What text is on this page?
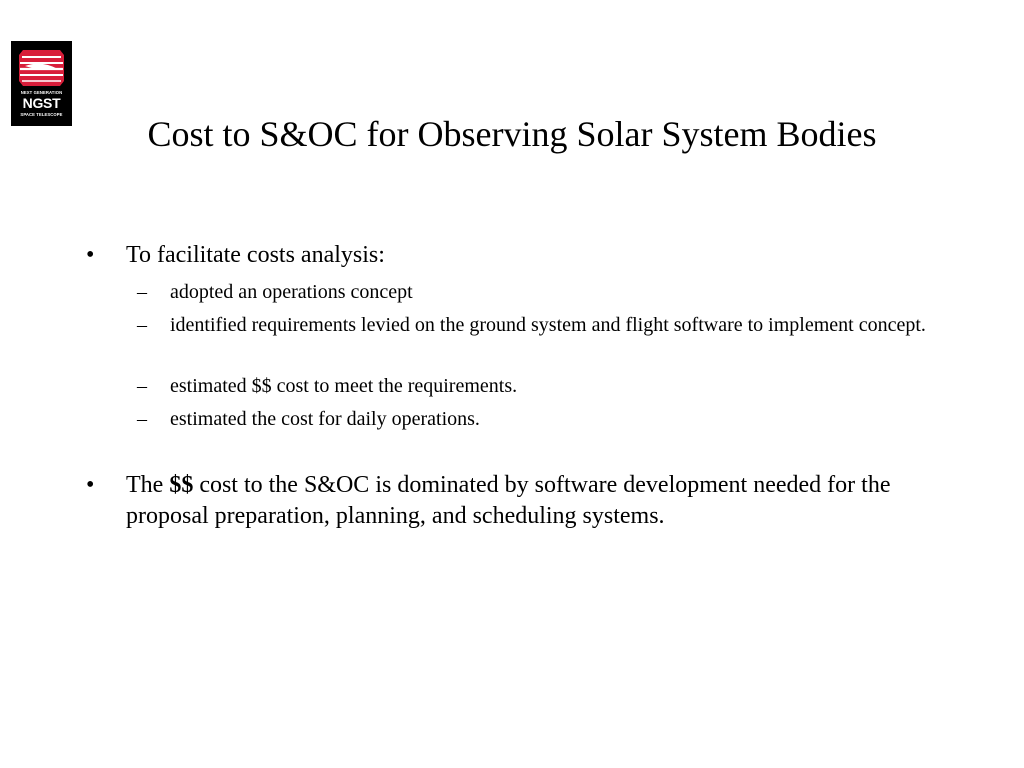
NEXT GENERATION
NGST
SPACE TELESCOPE	Cost to S&OC for Observing Solar System Bodies
• To facilitate costs analysis:
– adopted an operations concept
– identified requirements levied on the ground system and flight software to implement concept.
– estimated $$ cost to meet the requirements.
– estimated the cost for daily operations.
• The $$ cost to the S&OC is dominated by software development needed for the proposal preparation, planning, and scheduling systems.
